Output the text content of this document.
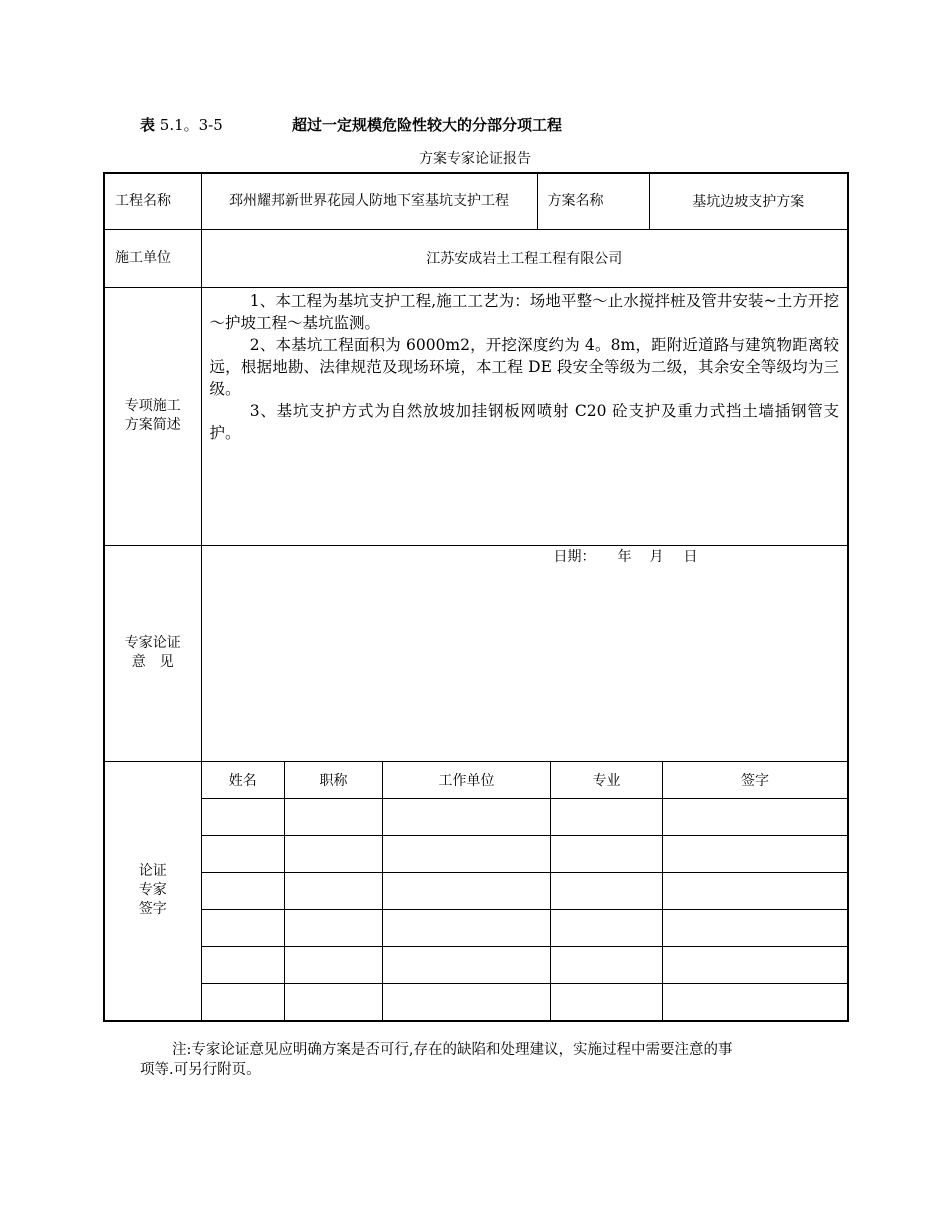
表 5.1。3-5	超过一定规模危险性较大的分部分项工程
方案专家论证报告
工程名称	邳州耀邦新世界花园人防地下室基坑支护工程	方案名称	基坑边坡支护方案
施工单位	江苏安成岩土工程工程有限公司

专项施工
方案简述

1、本工程为基坑支护工程,施工工艺为：场地平整～止水搅拌桩及管井安装~土方开挖～护坡工程～基坑监测。

2、本基坑工程面积为 6000m2，开挖深度约为 4。8m，距附近道路与建筑物距离较远，根据地勘、法律规范及现场环境，本工程 DE 段安全等级为二级，其余安全等级均为三级。

3、基坑支护方式为自然放坡加挂钢板网喷射 C20 砼支护及重力式挡土墙插钢管支护。

专家论证
意　见

日期： 年 月 日

论证
专家
签字

姓名	职称	工作单位	专业	签字

注:专家论证意见应明确方案是否可行,存在的缺陷和处理建议，实施过程中需要注意的事
项等.可另行附页。
